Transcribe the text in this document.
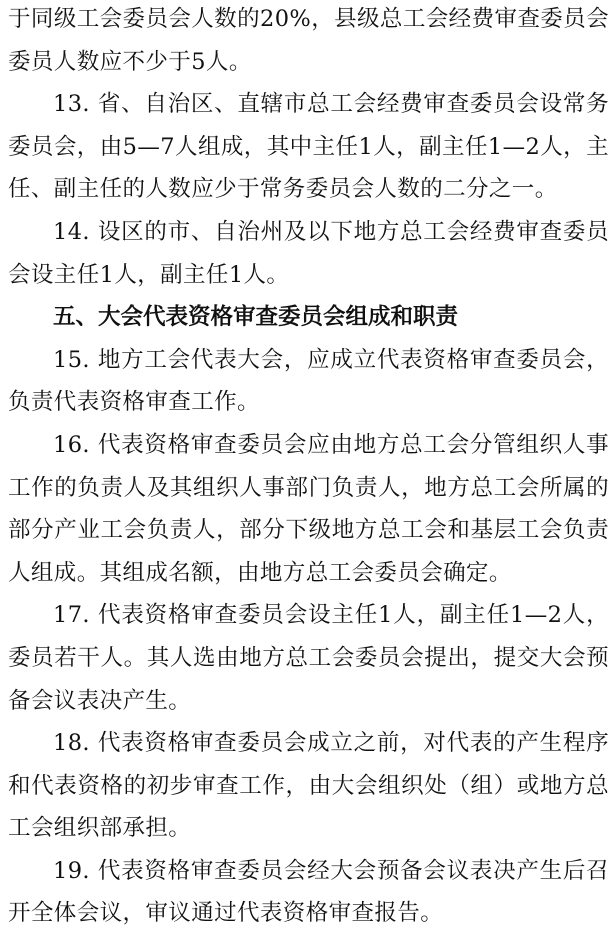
于同级工会委员会人数的20%，县级总工会经费审查委员会委员人数应不少于5人。

13. 省、自治区、直辖市总工会经费审查委员会设常务委员会，由5—7人组成，其中主任1人，副主任1—2人，主任、副主任的人数应少于常务委员会人数的二分之一。

14. 设区的市、自治州及以下地方总工会经费审查委员会设主任1人，副主任1人。

五、大会代表资格审查委员会组成和职责

15. 地方工会代表大会，应成立代表资格审查委员会，负责代表资格审查工作。

16. 代表资格审查委员会应由地方总工会分管组织人事工作的负责人及其组织人事部门负责人，地方总工会所属的部分产业工会负责人，部分下级地方总工会和基层工会负责人组成。其组成名额，由地方总工会委员会确定。

17. 代表资格审查委员会设主任1人，副主任1—2人，委员若干人。其人选由地方总工会委员会提出，提交大会预备会议表决产生。

18. 代表资格审查委员会成立之前，对代表的产生程序和代表资格的初步审查工作，由大会组织处（组）或地方总工会组织部承担。

19. 代表资格审查委员会经大会预备会议表决产生后召开全体会议，审议通过代表资格审查报告。
